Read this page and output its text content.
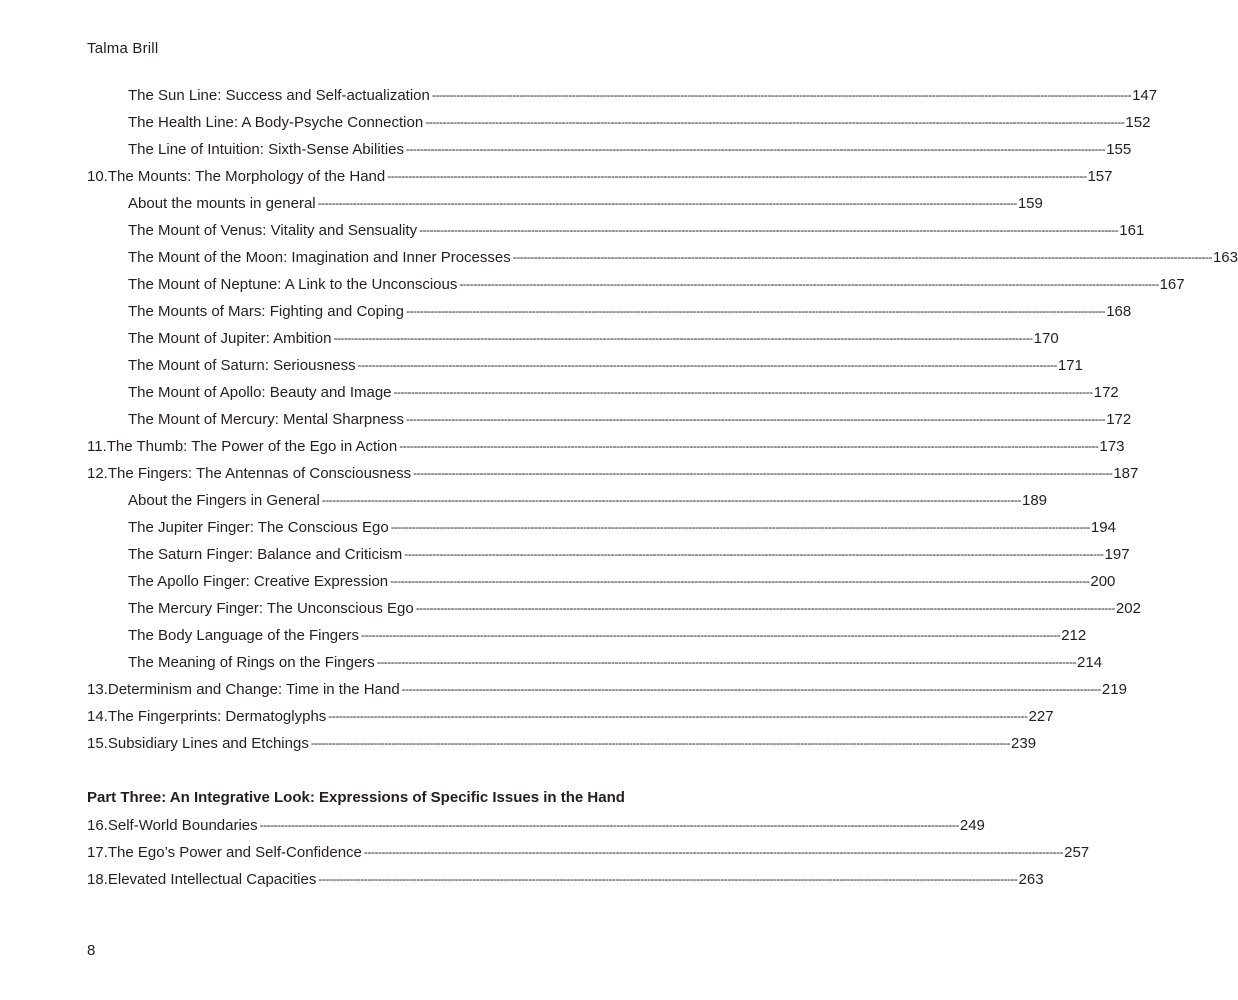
Talma Brill
The Sun Line: Success and Self-actualization -------------------------------------------------------------------------------------------------------------------------------------------------------------------------------------------------------- 147
The Health Line: A Body-Psyche Connection -------------------------------------------------------------------------------------------------------------------------------------------------------------------------------------------------------- 152
The Line of Intuition: Sixth-Sense Abilities -------------------------------------------------------------------------------------------------------------------------------------------------------------------------------------------------------- 155
10. The Mounts: The Morphology of the Hand -------------------------------------------------------------------------------------------------------------------------------------------------------------------------------------------------------- 157
About the mounts in general -------------------------------------------------------------------------------------------------------------------------------------------------------------------------------------------------------- 159
The Mount of Venus: Vitality and Sensuality -------------------------------------------------------------------------------------------------------------------------------------------------------------------------------------------------------- 161
The Mount of the Moon: Imagination and Inner Processes -------------------------------------------------------------------------------------------------------------------------------------------------------------------------------------------------------- 163
The Mount of Neptune: A Link to the Unconscious -------------------------------------------------------------------------------------------------------------------------------------------------------------------------------------------------------- 167
The Mounts of Mars: Fighting and Coping -------------------------------------------------------------------------------------------------------------------------------------------------------------------------------------------------------- 168
The Mount of Jupiter: Ambition -------------------------------------------------------------------------------------------------------------------------------------------------------------------------------------------------------- 170
The Mount of Saturn: Seriousness -------------------------------------------------------------------------------------------------------------------------------------------------------------------------------------------------------- 171
The Mount of Apollo: Beauty and Image -------------------------------------------------------------------------------------------------------------------------------------------------------------------------------------------------------- 172
The Mount of Mercury: Mental Sharpness -------------------------------------------------------------------------------------------------------------------------------------------------------------------------------------------------------- 172
11. The Thumb: The Power of the Ego in Action -------------------------------------------------------------------------------------------------------------------------------------------------------------------------------------------------------- 173
12. The Fingers: The Antennas of Consciousness -------------------------------------------------------------------------------------------------------------------------------------------------------------------------------------------------------- 187
About the Fingers in General -------------------------------------------------------------------------------------------------------------------------------------------------------------------------------------------------------- 189
The Jupiter Finger: The Conscious Ego -------------------------------------------------------------------------------------------------------------------------------------------------------------------------------------------------------- 194
The Saturn Finger: Balance and Criticism -------------------------------------------------------------------------------------------------------------------------------------------------------------------------------------------------------- 197
The Apollo Finger: Creative Expression -------------------------------------------------------------------------------------------------------------------------------------------------------------------------------------------------------- 200
The Mercury Finger: The Unconscious Ego -------------------------------------------------------------------------------------------------------------------------------------------------------------------------------------------------------- 202
The Body Language of the Fingers -------------------------------------------------------------------------------------------------------------------------------------------------------------------------------------------------------- 212
The Meaning of Rings on the Fingers -------------------------------------------------------------------------------------------------------------------------------------------------------------------------------------------------------- 214
13. Determinism and Change: Time in the Hand -------------------------------------------------------------------------------------------------------------------------------------------------------------------------------------------------------- 219
14. The Fingerprints: Dermatoglyphs -------------------------------------------------------------------------------------------------------------------------------------------------------------------------------------------------------- 227
15. Subsidiary Lines and Etchings -------------------------------------------------------------------------------------------------------------------------------------------------------------------------------------------------------- 239
Part Three: An Integrative Look: Expressions of Specific Issues in the Hand
16. Self-World Boundaries -------------------------------------------------------------------------------------------------------------------------------------------------------------------------------------------------------- 249
17. The Ego’s Power and Self-Confidence -------------------------------------------------------------------------------------------------------------------------------------------------------------------------------------------------------- 257
18. Elevated Intellectual Capacities -------------------------------------------------------------------------------------------------------------------------------------------------------------------------------------------------------- 263
8
